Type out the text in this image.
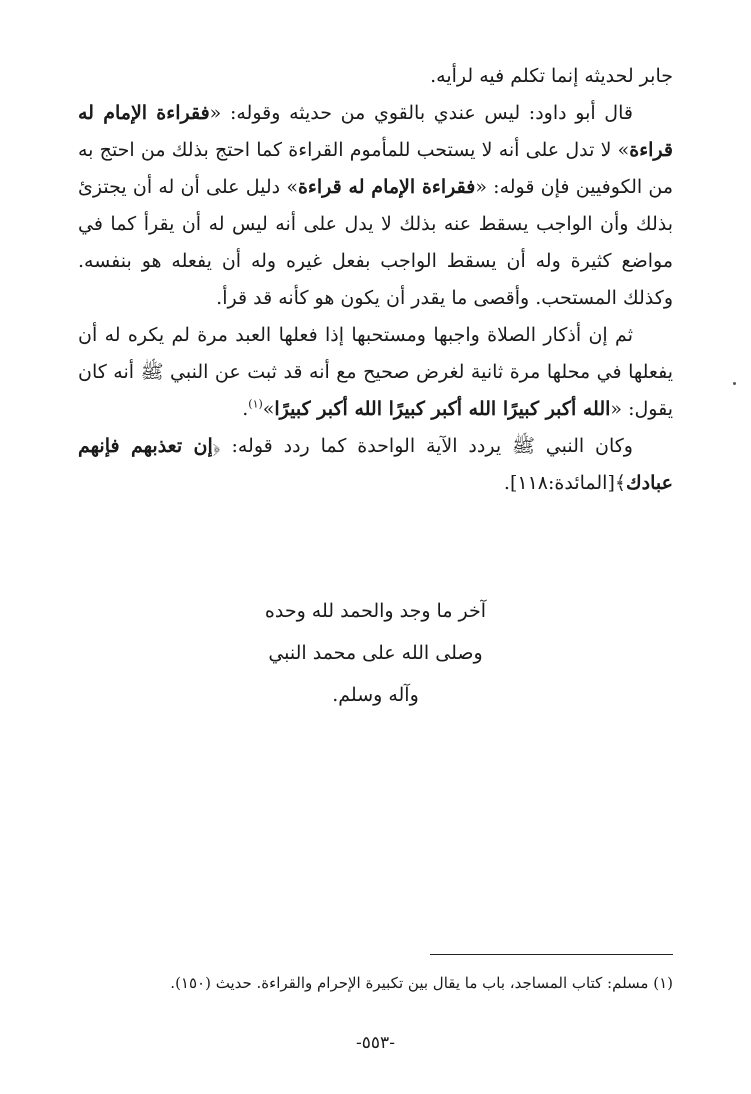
جابر لحديثه إنما تكلم فيه لرأيه.

قال أبو داود: ليس عندي بالقوي من حديثه وقوله: «فقراءة الإمام له قراءة» لا تدل على أنه لا يستحب للمأموم القراءة كما احتج بذلك من احتج به من الكوفيين فإن قوله: «فقراءة الإمام له قراءة» دليل على أن له أن يجتزئ بذلك وأن الواجب يسقط عنه بذلك لا يدل على أنه ليس له أن يقرأ كما في مواضع كثيرة وله أن يسقط الواجب بفعل غيره وله أن يفعله هو بنفسه. وكذلك المستحب. وأقصى ما يقدر أن يكون هو كأنه قد قرأ.

ثم إن أذكار الصلاة واجبها ومستحبها إذا فعلها العبد مرة لم يكره له أن يفعلها في محلها مرة ثانية لغرض صحيح مع أنه قد ثبت عن النبي ﷺ أنه كان يقول: «الله أكبر كبيرًا الله أكبر كبيرًا الله أكبر كبيرًا»$^{(١)}$.

وكان النبي ﷺ يردد الآية الواحدة كما ردد قوله: ﴿إن تعذبهم فإنهم عبادك﴾[المائدة:١١٨].

آخر ما وجد والحمد لله وحده
وصلى الله على محمد النبي
وآله وسلم.
(١) مسلم: كتاب المساجد، باب ما يقال بين تكبيرة الإحرام والقراءة. حديث (١٥٠).
-٥٥٣-
